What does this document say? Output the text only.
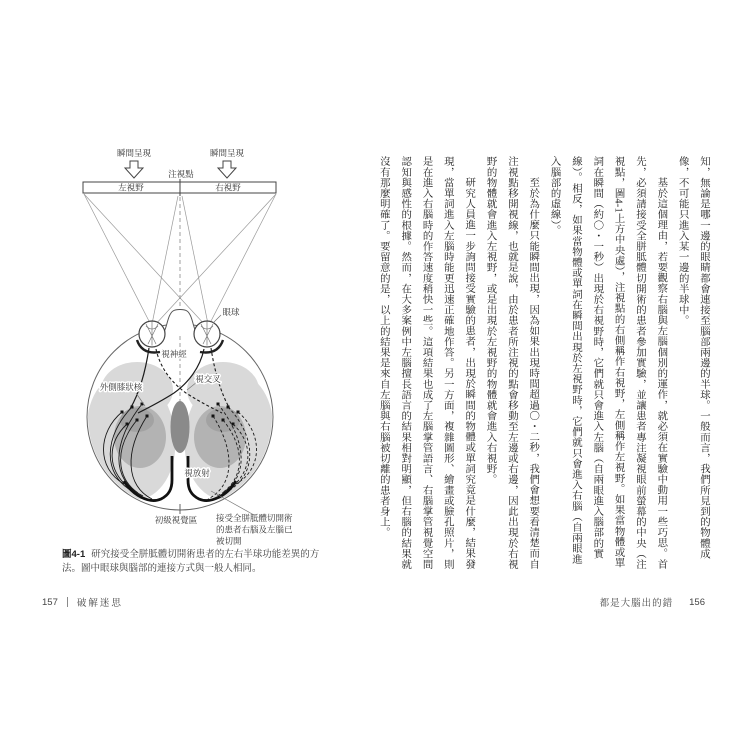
瞬間呈現	瞬間呈現
注視點
左視野	右視野
眼球
視神經
視交叉
外側膝狀核
視放射
初級視覺區 接受全胼胝體切開術
的患者右腦及左腦已
被切開
圖4-1 研究接受全胼胝體切開術患者的左右半球功能差異的方法。圖中眼球與腦部的連接方式與一般人相同。
157 破解迷思

知，無論是哪一邊的眼睛都會連接至腦部兩邊的半球。一般而言，我們所見到的物體成像，不可能只進入某一邊的半球中。

基於這個理由，若要觀察右腦與左腦個別的運作，就必須在實驗中動用一些巧思。首先，必須請接受全胼胝體切開術的患者參加實驗，並讓患者專注凝視眼前螢幕的中央（注視點，圖4-1上方中央處），注視點的右側稱作右視野，左側稱作左視野。如果當物體或單詞在瞬間（約〇・一秒）出現於右視野時，它們就只會進入左腦（自兩眼進入腦部的實線）。相反，如果當物體或單詞在瞬間出現於左視野時，它們就只會進入右腦（自兩眼進入腦部的虛線）。

至於為什麼只能瞬間出現，因為如果出現時間超過〇・二秒，我們會想要看清楚而自注視點移開視線，也就是說，由於患者所注視的點會移動至左邊或右邊，因此出現於右視野的物體就會進入左視野，或是出現於左視野的物體就會進入右視野。

研究人員進一步詢問接受實驗的患者，出現於瞬間的物體或單詞究竟是什麼，結果發現，當單詞進入左腦時能更迅速正確地作答。另一方面，複雜圖形、繪畫或臉孔照片，則是在進入右腦時的作答速度稍快一些。這項結果也成了左腦掌管語言、右腦掌管視覺空間認知與感性的根據。然而，在大多案例中左腦擅長語言的結果相對明顯，但右腦的結果就沒有那麼明確了。要留意的是，以上的結果是來自左腦與右腦被切離的患者身上。

都是大腦出的錯 156
